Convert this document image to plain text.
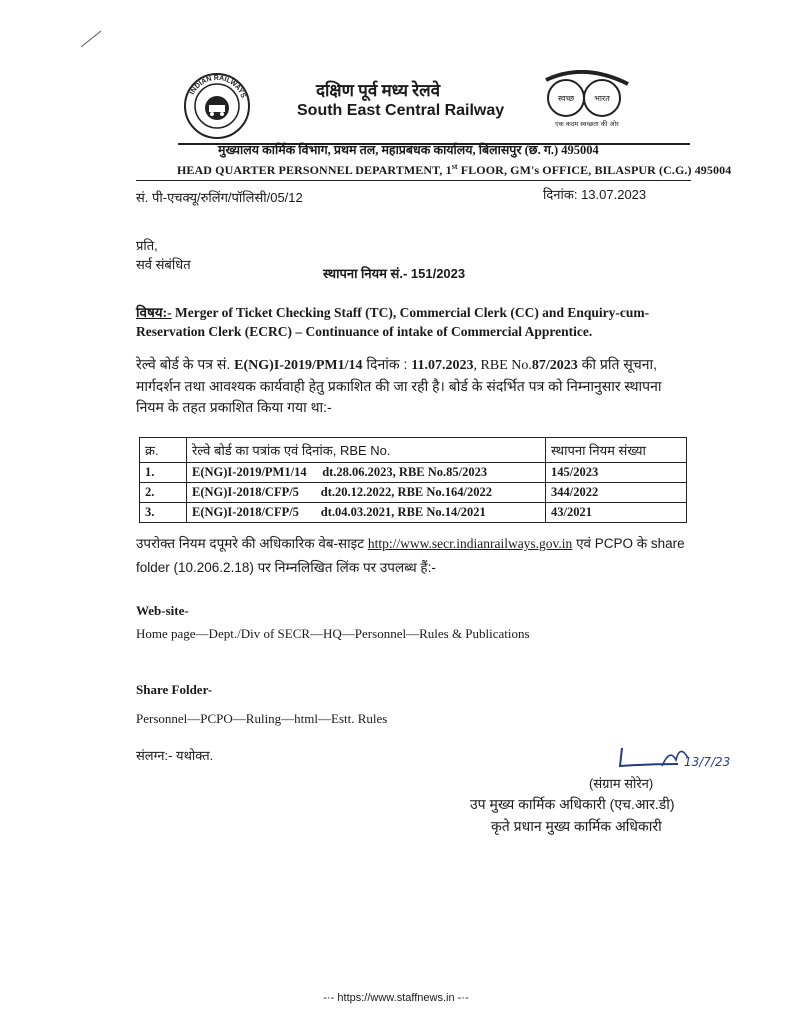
INDIAN RAILWAYS	दक्षिण पूर्व मध्य रेलवे
South East Central Railway
स्वच्छ	भारत
एक कदम स्वच्छता की ओर
मुख्यालय कार्मिक विभाग, प्रथम तल, महाप्रबंधक कार्यालय, बिलासपुर (छ. ग.) 495004
HEAD QUARTER PERSONNEL DEPARTMENT, 1st FLOOR, GM's OFFICE, BILASPUR (C.G.) 495004
सं. पी-एचक्यू/रुलिंग/पॉलिसी/05/12	दिनांक: 13.07.2023
प्रति,
सर्व संबंधित
स्थापना नियम सं.- 151/2023
विषय:- Merger of Ticket Checking Staff (TC), Commercial Clerk (CC) and Enquiry-cum-Reservation Clerk (ECRC) – Continuance of intake of Commercial Apprentice.
रेल्वे बोर्ड के पत्र सं. E(NG)I-2019/PM1/14 दिनांक : 11.07.2023, RBE No.87/2023 की प्रति सूचना, मार्गदर्शन तथा आवश्यक कार्यवाही हेतु प्रकाशित की जा रही है। बोर्ड के संदर्भित पत्र को निम्नानुसार स्थापना नियम के तहत प्रकाशित किया गया था:-
क्र.	रेल्वे बोर्ड का पत्रांक एवं दिनांक, RBE No.	स्थापना नियम संख्या
1.	E(NG)I-2019/PM1/14     dt.28.06.2023, RBE No.85/2023	145/2023
2.	E(NG)I-2018/CFP/5       dt.20.12.2022, RBE No.164/2022	344/2022
3.	E(NG)I-2018/CFP/5       dt.04.03.2021, RBE No.14/2021	43/2021
उपरोक्त नियम दपूमरे की अधिकारिक वेब-साइट http://www.secr.indianrailways.gov.in एवं PCPO के share folder (10.206.2.18) पर निम्नलिखित लिंक पर उपलब्ध हैं:-
Web-site-
Home page—Dept./Div of SECR—HQ—Personnel—Rules & Publications
Share Folder-
Personnel—PCPO—Ruling—html—Estt. Rules
संलग्न:- यथोक्त.	13/7/23
(संग्राम सोरेन)
उप मुख्य कार्मिक अधिकारी (एच.आर.डी)
कृते प्रधान मुख्य कार्मिक अधिकारी
-·- https://www.staffnews.in -·-
